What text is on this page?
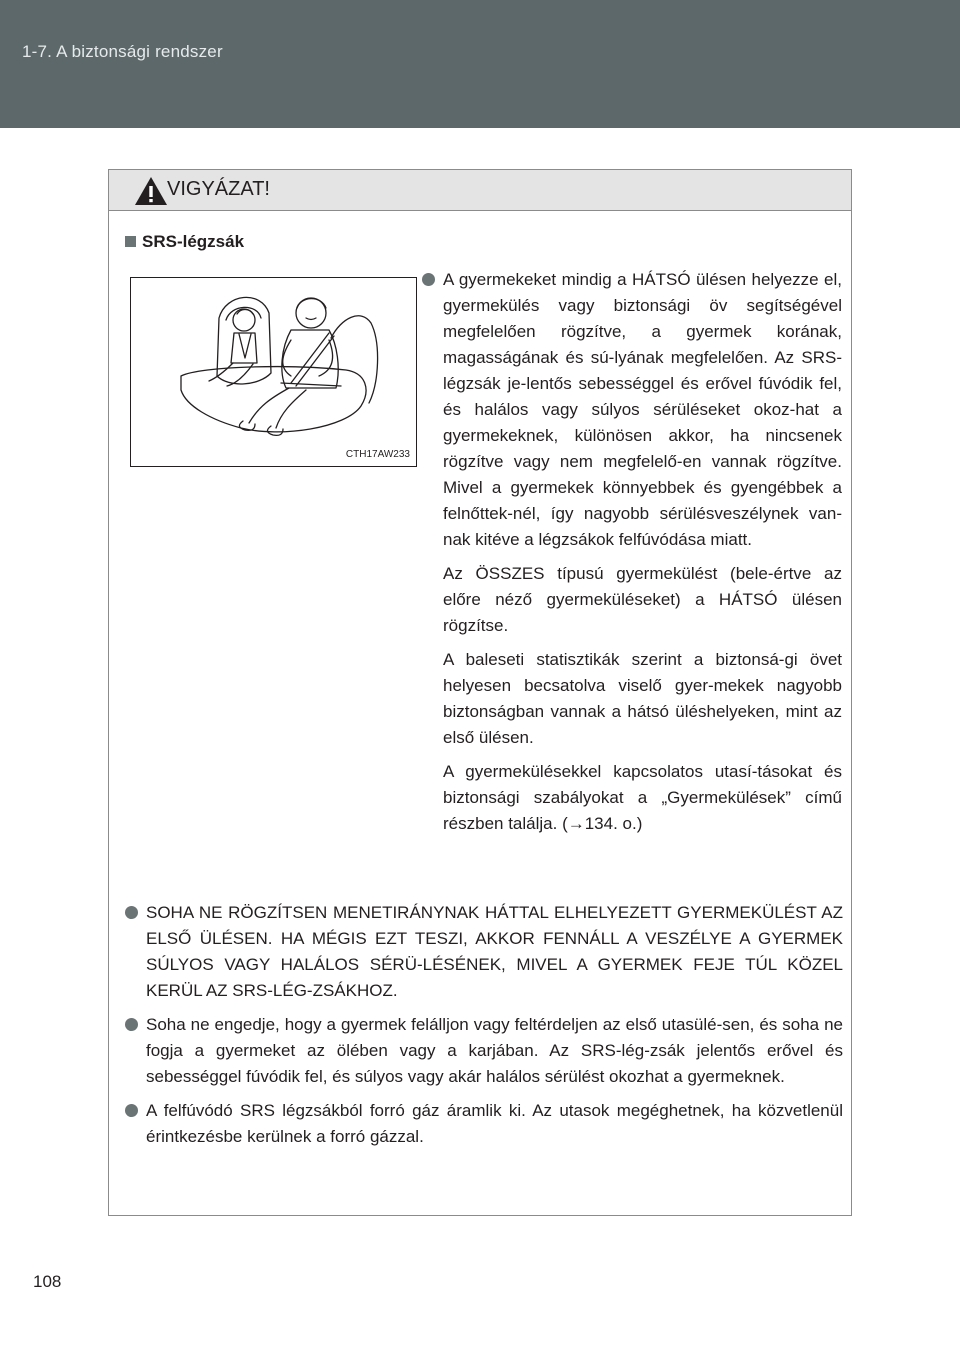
1-7. A biztonsági rendszer
VIGYÁZAT!
SRS-légzsák
CTH17AW233

A gyermekeket mindig a HÁTSÓ ülésen helyezze el, gyermekülés vagy biztonsági öv segítségével megfelelően rögzítve, a gyermek korának, magasságának és sú-lyának megfelelően. Az SRS-légzsák je-lentős sebességgel és erővel fúvódik fel, és halálos vagy súlyos sérüléseket okoz-hat a gyermekeknek, különösen akkor, ha nincsenek rögzítve vagy nem megfelelő-en vannak rögzítve. Mivel a gyermekek könnyebbek és gyengébbek a felnőttek-nél, így nagyobb sérülésveszélynek van-nak kitéve a légzsákok felfúvódása miatt.

Az ÖSSZES típusú gyermekülést (bele-értve az előre néző gyermeküléseket) a HÁTSÓ ülésen rögzítse.

A baleseti statisztikák szerint a biztonsá-gi övet helyesen becsatolva viselő gyer-mekek nagyobb biztonságban vannak a hátsó üléshelyeken, mint az első ülésen.

A gyermekülésekkel kapcsolatos utasí-tásokat és biztonsági szabályokat a „Gyermekülések” című részben találja. (→134. o.)

SOHA NE RÖGZÍTSEN MENETIRÁNYNAK HÁTTAL ELHELYEZETT GYERMEKÜLÉST AZ ELSŐ ÜLÉSEN. HA MÉGIS EZT TESZI, AKKOR FENNÁLL A VESZÉLYE A GYERMEK SÚLYOS VAGY HALÁLOS SÉRÜ-LÉSÉNEK, MIVEL A GYERMEK FEJE TÚL KÖZEL KERÜL AZ SRS-LÉG-ZSÁKHOZ.

Soha ne engedje, hogy a gyermek felálljon vagy feltérdeljen az első utasülé-sen, és soha ne fogja a gyermeket az ölében vagy a karjában. Az SRS-lég-zsák jelentős erővel és sebességgel fúvódik fel, és súlyos vagy akár halálos sérülést okozhat a gyermeknek.

A felfúvódó SRS légzsákból forró gáz áramlik ki. Az utasok megéghetnek, ha közvetlenül érintkezésbe kerülnek a forró gázzal.

108
